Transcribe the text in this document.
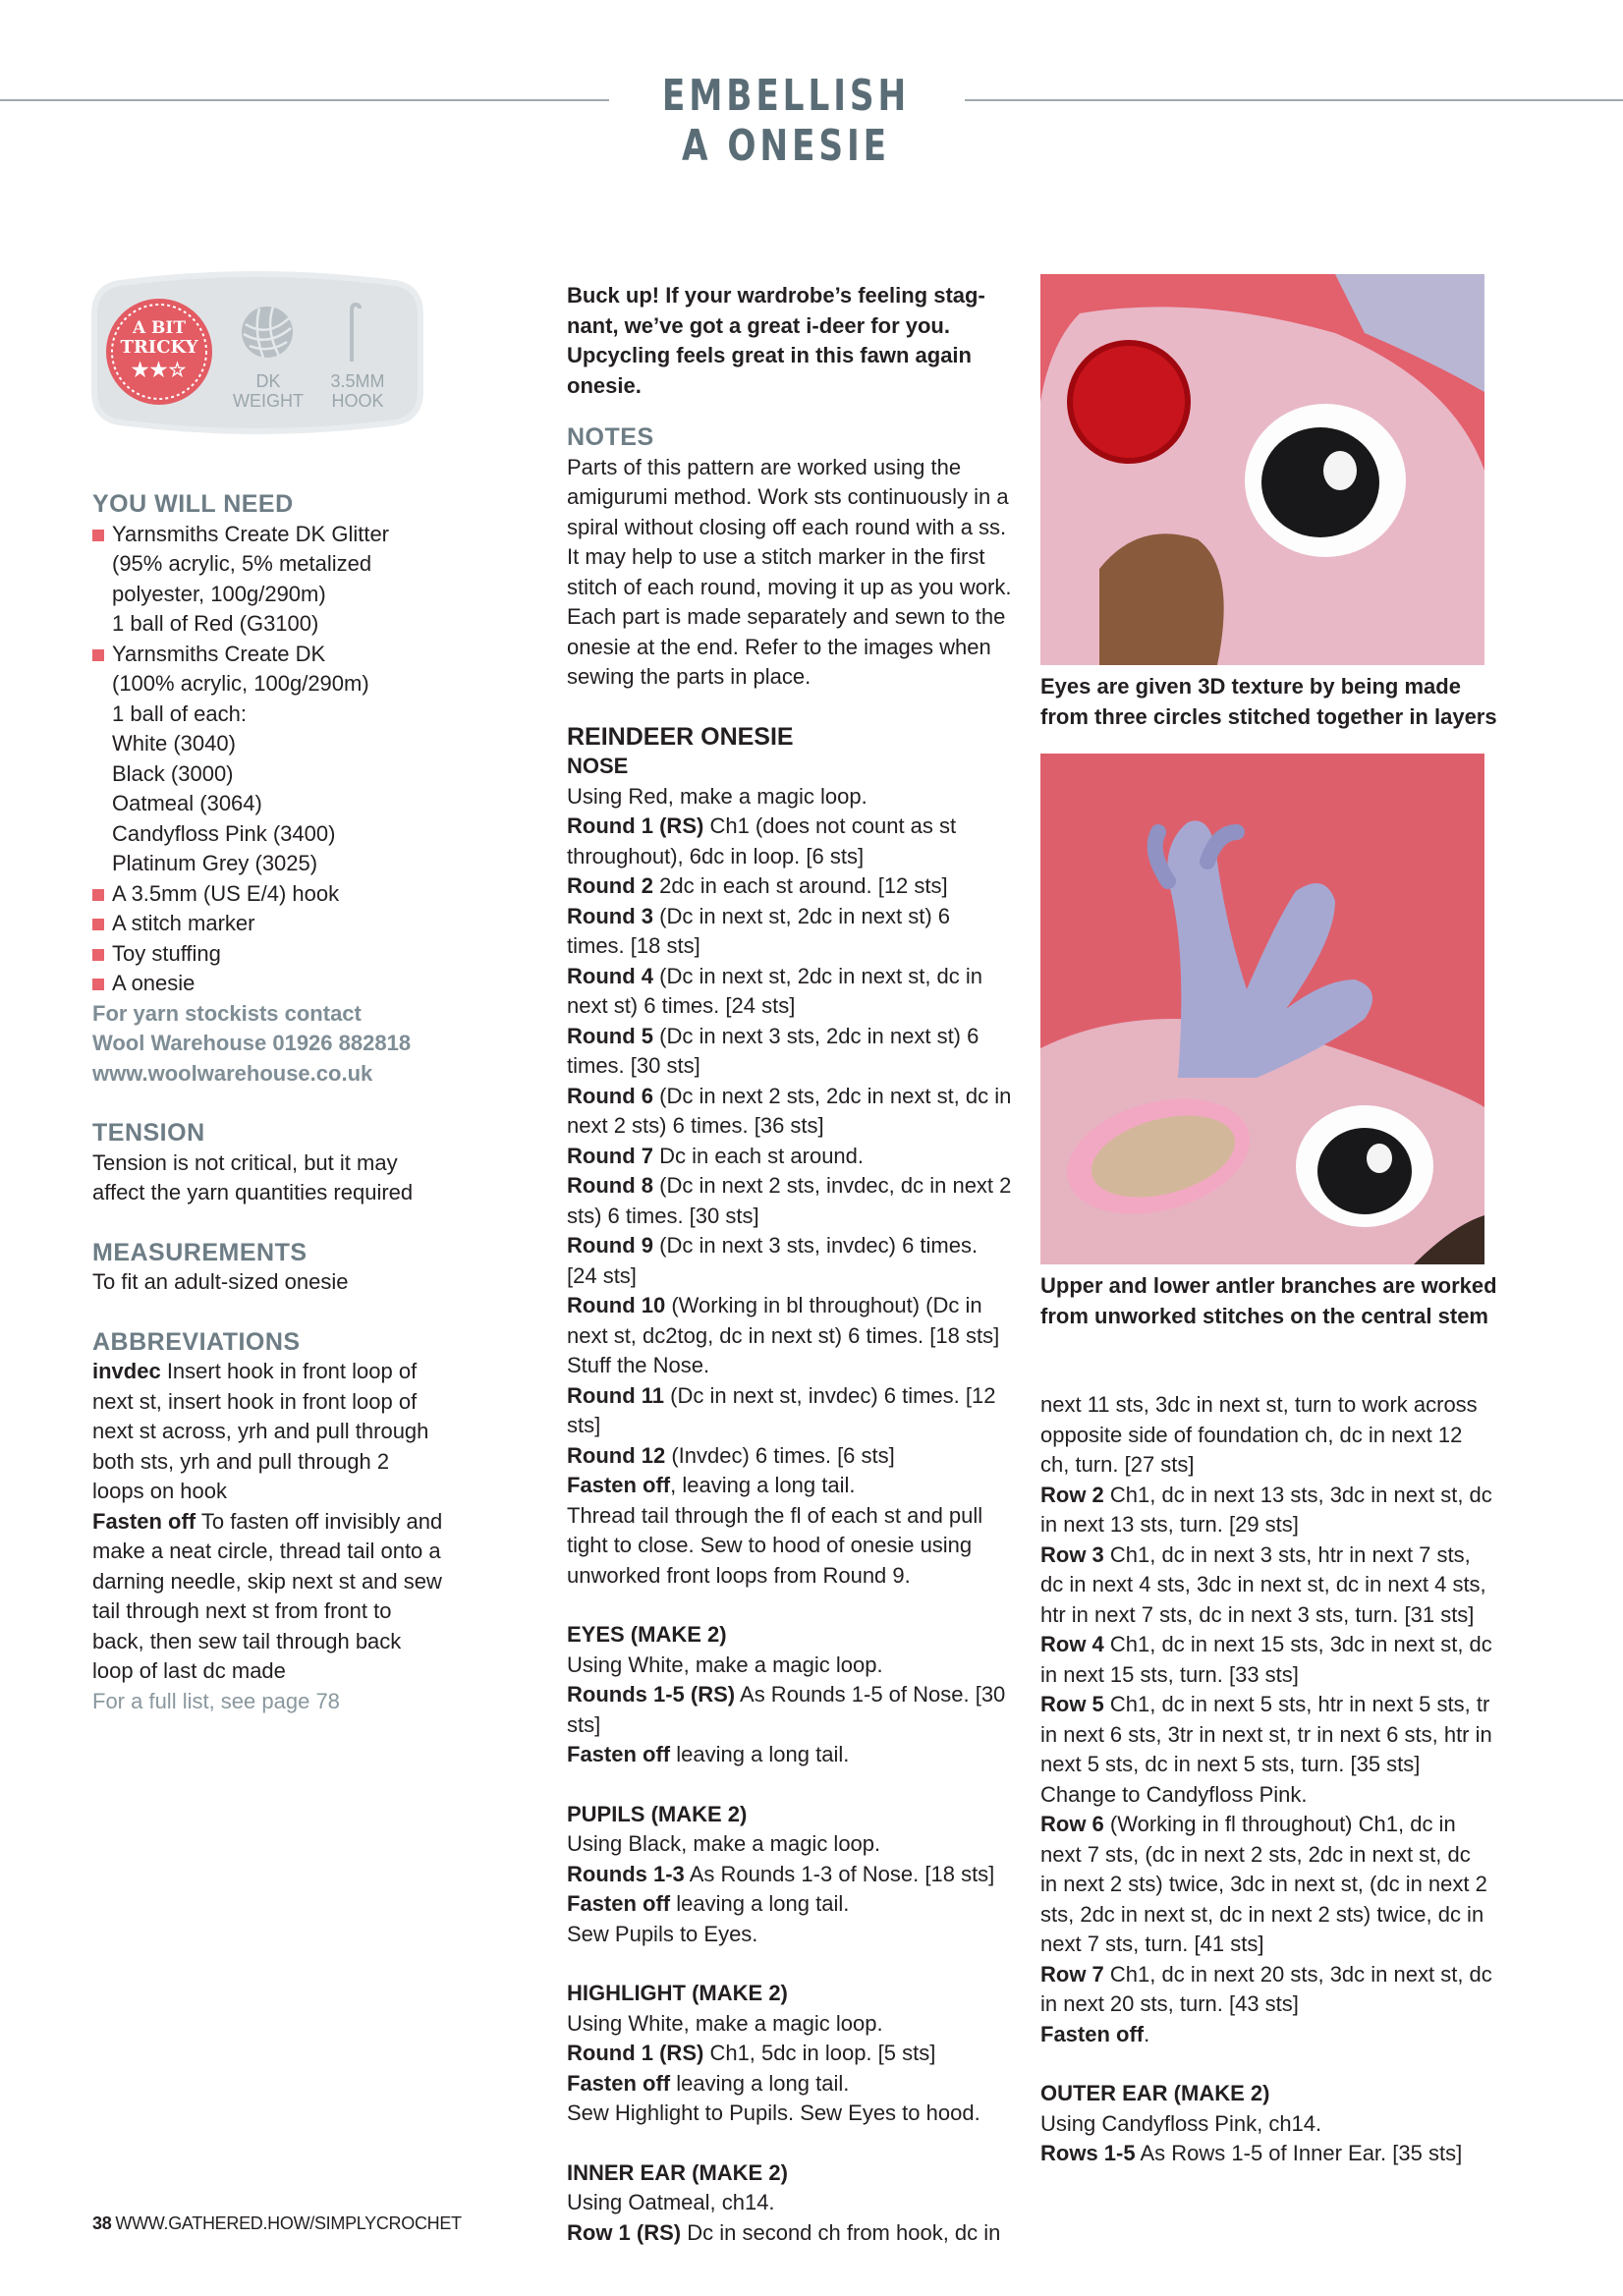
EMBELLISH A ONESIE
A BIT
TRICKY
★★☆	DK
WEIGHT
3.5MM
HOOK

YOU WILL NEED

Yarnsmiths Create DK Glitter
(95% acrylic, 5% metalized
polyester, 100g/290m)
1 ball of Red (G3100)
Yarnsmiths Create DK
(100% acrylic, 100g/290m)
1 ball of each:
White (3040)
Black (3000)
Oatmeal (3064)
Candyfloss Pink (3400)
Platinum Grey (3025)
A 3.5mm (US E/4) hook
A stitch marker
Toy stuffing
A onesie

For yarn stockists contact

Wool Warehouse 01926 882818

www.woolwarehouse.co.uk

TENSION

Tension is not critical, but it may affect the yarn quantities required

MEASUREMENTS

To fit an adult-sized onesie

ABBREVIATIONS

invdec Insert hook in front loop of next st, insert hook in front loop of next st across, yrh and pull through both sts, yrh and pull through 2 loops on hook

Fasten off To fasten off invisibly and make a neat circle, thread tail onto a darning needle, skip next st and sew tail through next st from front to back, then sew tail through back loop of last dc made

For a full list, see page 78

Buck up! If your wardrobe’s feeling stag-nant, we’ve got a great i-deer for you. Upcycling feels great in this fawn again onesie.

NOTES

Parts of this pattern are worked using the amigurumi method. Work sts continuously in a spiral without closing off each round with a ss. It may help to use a stitch marker in the first stitch of each round, moving it up as you work. Each part is made separately and sewn to the onesie at the end. Refer to the images when sewing the parts in place.

REINDEER ONESIE

NOSE

Using Red, make a magic loop.

Round 1 (RS) Ch1 (does not count as st throughout), 6dc in loop. [6 sts]

Round 2 2dc in each st around. [12 sts]

Round 3 (Dc in next st, 2dc in next st) 6 times. [18 sts]

Round 4 (Dc in next st, 2dc in next st, dc in next st) 6 times. [24 sts]

Round 5 (Dc in next 3 sts, 2dc in next st) 6 times. [30 sts]

Round 6 (Dc in next 2 sts, 2dc in next st, dc in next 2 sts) 6 times. [36 sts]

Round 7 Dc in each st around.

Round 8 (Dc in next 2 sts, invdec, dc in next 2 sts) 6 times. [30 sts]

Round 9 (Dc in next 3 sts, invdec) 6 times. [24 sts]

Round 10 (Working in bl throughout) (Dc in next st, dc2tog, dc in next st) 6 times. [18 sts] Stuff the Nose.

Round 11 (Dc in next st, invdec) 6 times. [12 sts]

Round 12 (Invdec) 6 times. [6 sts]

Fasten off, leaving a long tail.

Thread tail through the fl of each st and pull tight to close. Sew to hood of onesie using unworked front loops from Round 9.

EYES (MAKE 2)

Using White, make a magic loop.

Rounds 1-5 (RS) As Rounds 1-5 of Nose. [30 sts]

Fasten off leaving a long tail.

PUPILS (MAKE 2)

Using Black, make a magic loop.

Rounds 1-3 As Rounds 1-3 of Nose. [18 sts]

Fasten off leaving a long tail.

Sew Pupils to Eyes.

HIGHLIGHT (MAKE 2)

Using White, make a magic loop.

Round 1 (RS) Ch1, 5dc in loop. [5 sts]

Fasten off leaving a long tail.

Sew Highlight to Pupils. Sew Eyes to hood.

INNER EAR (MAKE 2)

Using Oatmeal, ch14.

Row 1 (RS) Dc in second ch from hook, dc in

Eyes are given 3D texture by being made from three circles stitched together in layers
Upper and lower antler branches are worked from unworked stitches on the central stem

next 11 sts, 3dc in next st, turn to work across opposite side of foundation ch, dc in next 12 ch, turn. [27 sts]

Row 2 Ch1, dc in next 13 sts, 3dc in next st, dc in next 13 sts, turn. [29 sts]

Row 3 Ch1, dc in next 3 sts, htr in next 7 sts, dc in next 4 sts, 3dc in next st, dc in next 4 sts, htr in next 7 sts, dc in next 3 sts, turn. [31 sts]

Row 4 Ch1, dc in next 15 sts, 3dc in next st, dc in next 15 sts, turn. [33 sts]

Row 5 Ch1, dc in next 5 sts, htr in next 5 sts, tr in next 6 sts, 3tr in next st, tr in next 6 sts, htr in next 5 sts, dc in next 5 sts, turn. [35 sts] Change to Candyfloss Pink.

Row 6 (Working in fl throughout) Ch1, dc in next 7 sts, (dc in next 2 sts, 2dc in next st, dc in next 2 sts) twice, 3dc in next st, (dc in next 2 sts, 2dc in next st, dc in next 2 sts) twice, dc in next 7 sts, turn. [41 sts]

Row 7 Ch1, dc in next 20 sts, 3dc in next st, dc in next 20 sts, turn. [43 sts]

Fasten off.

OUTER EAR (MAKE 2)

Using Candyfloss Pink, ch14.

Rows 1-5 As Rows 1-5 of Inner Ear. [35 sts]

38 WWW.GATHERED.HOW/SIMPLYCROCHET
